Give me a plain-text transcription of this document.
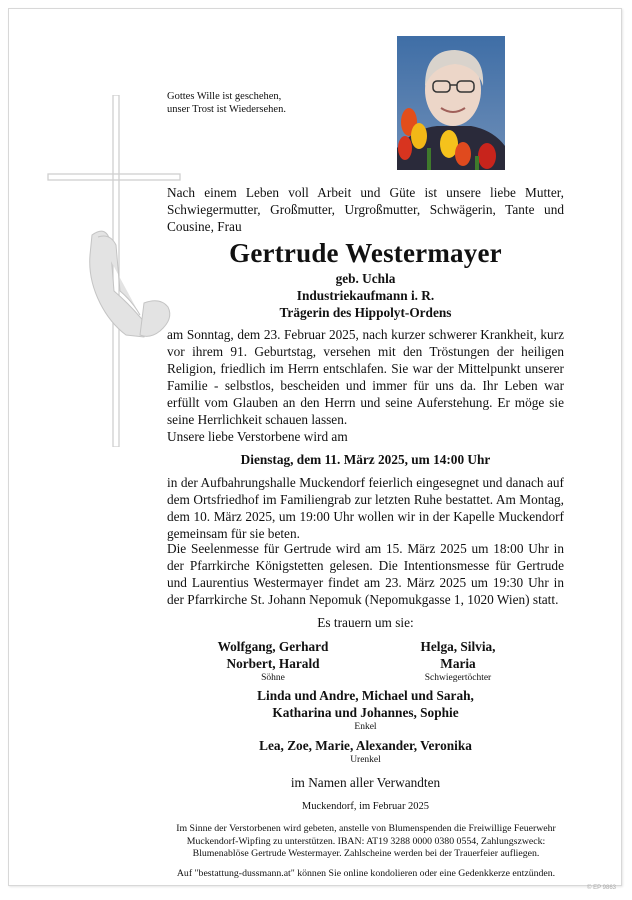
Gottes Wille ist geschehen,
unser Trost ist Wiedersehen.
Nach einem Leben voll Arbeit und Güte ist unsere liebe Mutter, Schwiegermutter, Großmutter, Urgroßmutter, Schwägerin, Tante und Cousine, Frau
Gertrude Westermayer
geb. Uchla
Industriekaufmann i. R.
Trägerin des Hippolyt-Ordens
am Sonntag, dem 23. Februar 2025, nach kurzer schwerer Krankheit, kurz vor ihrem 91. Geburtstag, versehen mit den Tröstungen der heiligen Religion, friedlich im Herrn entschlafen. Sie war der Mittelpunkt unserer Familie - selbstlos, bescheiden und immer für uns da. Ihr Leben war erfüllt vom Glauben an den Herrn und seine Auferstehung. Er möge sie seine Herrlichkeit schauen lassen.
Unsere liebe Verstorbene wird am
Dienstag, dem 11. März 2025, um 14:00 Uhr
in der Aufbahrungshalle Muckendorf feierlich eingesegnet und danach auf dem Ortsfriedhof im Familiengrab zur letzten Ruhe bestattet. Am Montag, dem 10. März 2025, um 19:00 Uhr wollen wir in der Kapelle Muckendorf gemeinsam für sie beten.
Die Seelenmesse für Gertrude wird am 15. März 2025 um 18:00 Uhr in der Pfarrkirche Königstetten gelesen. Die Intentionsmesse für Gertrude und Laurentius Westermayer findet am 23. März 2025 um 19:30 Uhr in der Pfarrkirche St. Johann Nepomuk (Nepomukgasse 1, 1020 Wien) statt.
Es trauern um sie:
Wolfgang, Gerhard
Norbert, Harald
Söhne
Helga, Silvia,
Maria
Schwiegertöchter
Linda und Andre, Michael und Sarah,
Katharina und Johannes, Sophie
Enkel
Lea, Zoe, Marie, Alexander, Veronika
Urenkel
im Namen aller Verwandten
Muckendorf, im Februar 2025
Im Sinne der Verstorbenen wird gebeten, anstelle von Blumenspenden die Freiwillige Feuerwehr Muckendorf-Wipfing zu unterstützen. IBAN: AT19 3288 0000 0380 0554, Zahlungszweck: Blumenablöse Gertrude Westermayer. Zahlscheine werden bei der Trauerfeier aufliegen.
Auf "bestattung-dussmann.at" können Sie online kondolieren oder eine Gedenkkerze entzünden.
© EP 9863
